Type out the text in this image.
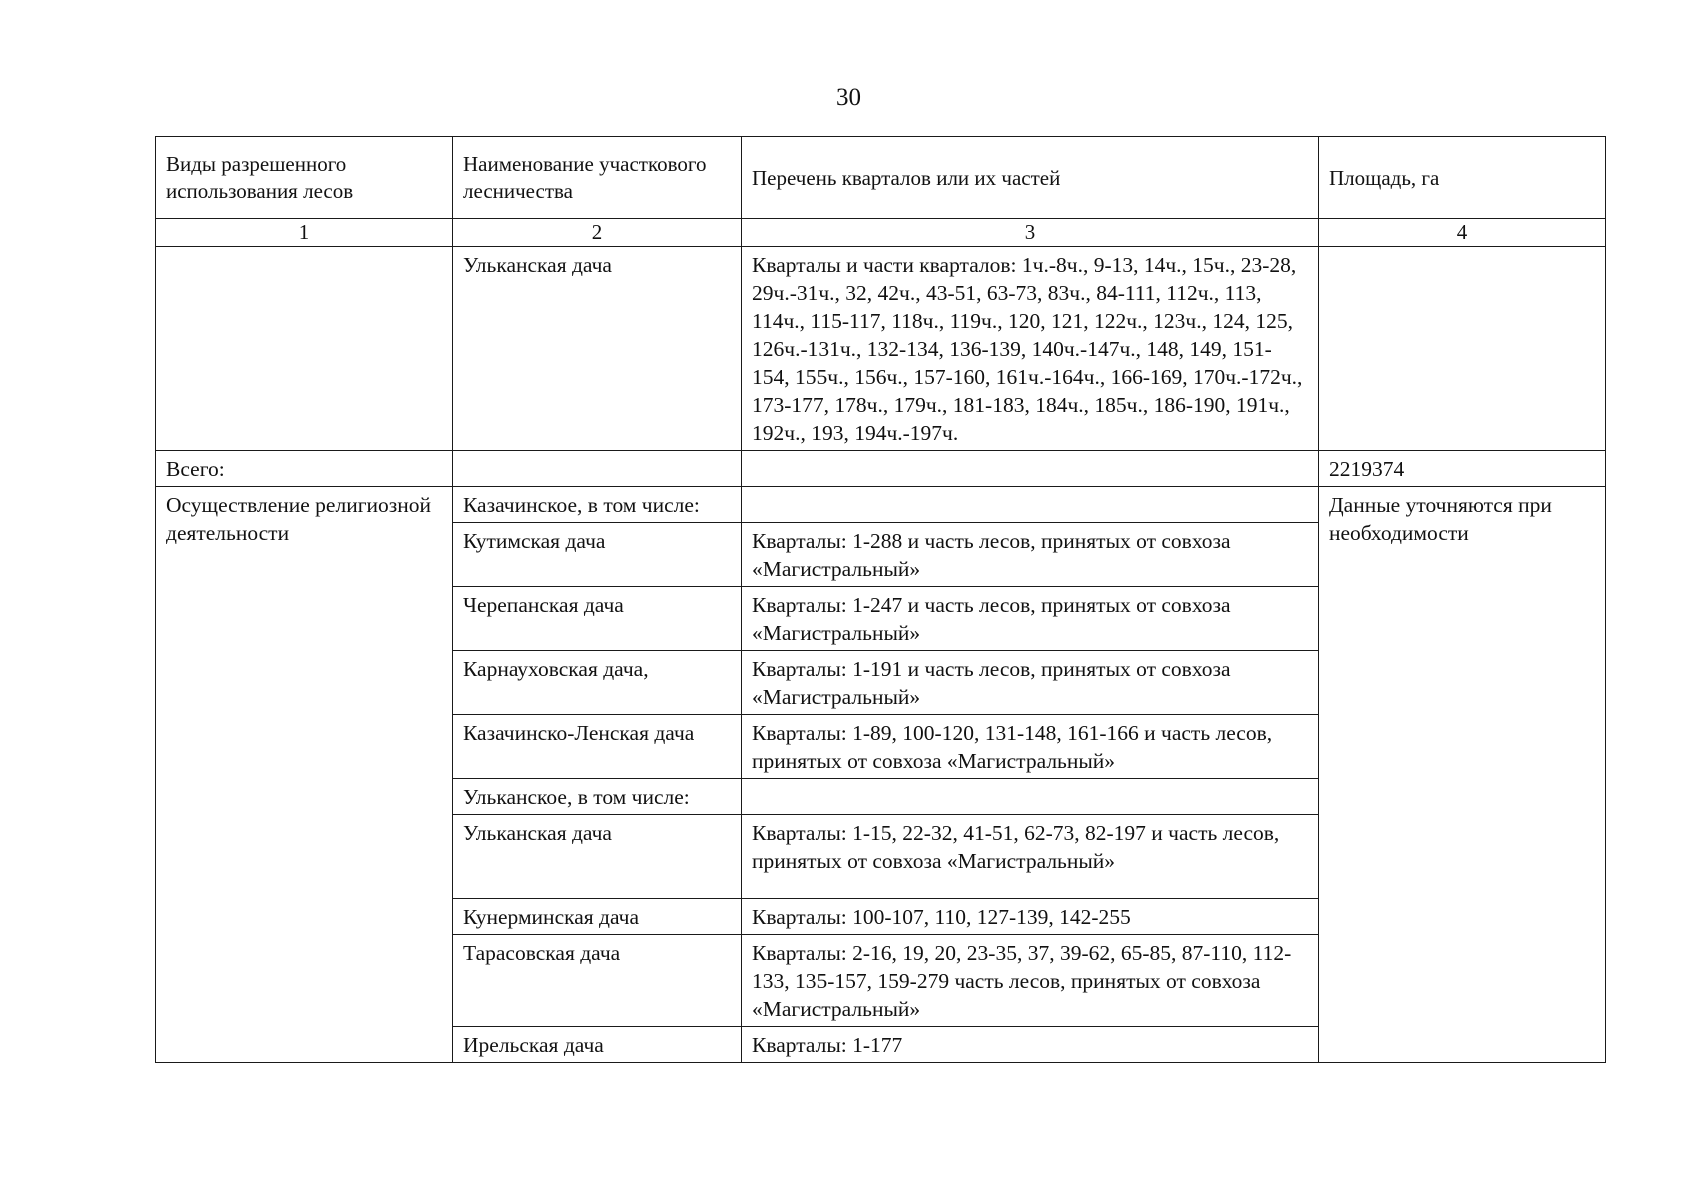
30
Виды разрешенного использования лесов	Наименование участкового лесничества	Перечень кварталов или их частей	Площадь, га
1	2	3	4
	Ульканская дача	Кварталы и части кварталов: 1ч.-8ч., 9-13, 14ч., 15ч., 23-28, 29ч.-31ч., 32, 42ч., 43-51, 63-73, 83ч., 84-111, 112ч., 113, 114ч., 115-117, 118ч., 119ч., 120, 121, 122ч., 123ч., 124, 125, 126ч.-131ч., 132-134, 136-139, 140ч.-147ч., 148, 149, 151-154, 155ч., 156ч., 157-160, 161ч.-164ч., 166-169, 170ч.-172ч., 173-177, 178ч., 179ч., 181-183, 184ч., 185ч., 186-190, 191ч., 192ч., 193, 194ч.-197ч.	
Всего:			2219374
Осуществление религиозной деятельности	Казачинское, в том числе:		Данные уточняются при необходимости
	Кутимская дача	Кварталы: 1-288 и часть лесов, принятых от совхоза «Магистральный»	
	Черепанская дача	Кварталы: 1-247 и часть лесов, принятых от совхоза «Магистральный»	
	Карнауховская дача,	Кварталы: 1-191 и часть лесов, принятых от совхоза «Магистральный»	
	Казачинско-Ленская дача	Кварталы: 1-89, 100-120, 131-148, 161-166 и часть лесов, принятых от совхоза «Магистральный»	
	Ульканское, в том числе:		
	Ульканская дача	Кварталы: 1-15, 22-32, 41-51, 62-73, 82-197 и часть лесов, принятых от совхоза «Магистральный»	
	Кунерминская дача	Кварталы: 100-107, 110, 127-139, 142-255	
	Тарасовская дача	Кварталы: 2-16, 19, 20, 23-35, 37, 39-62, 65-85, 87-110, 112-133, 135-157, 159-279 часть лесов, принятых от совхоза «Магистральный»	
	Ирельская дача	Кварталы: 1-177	
